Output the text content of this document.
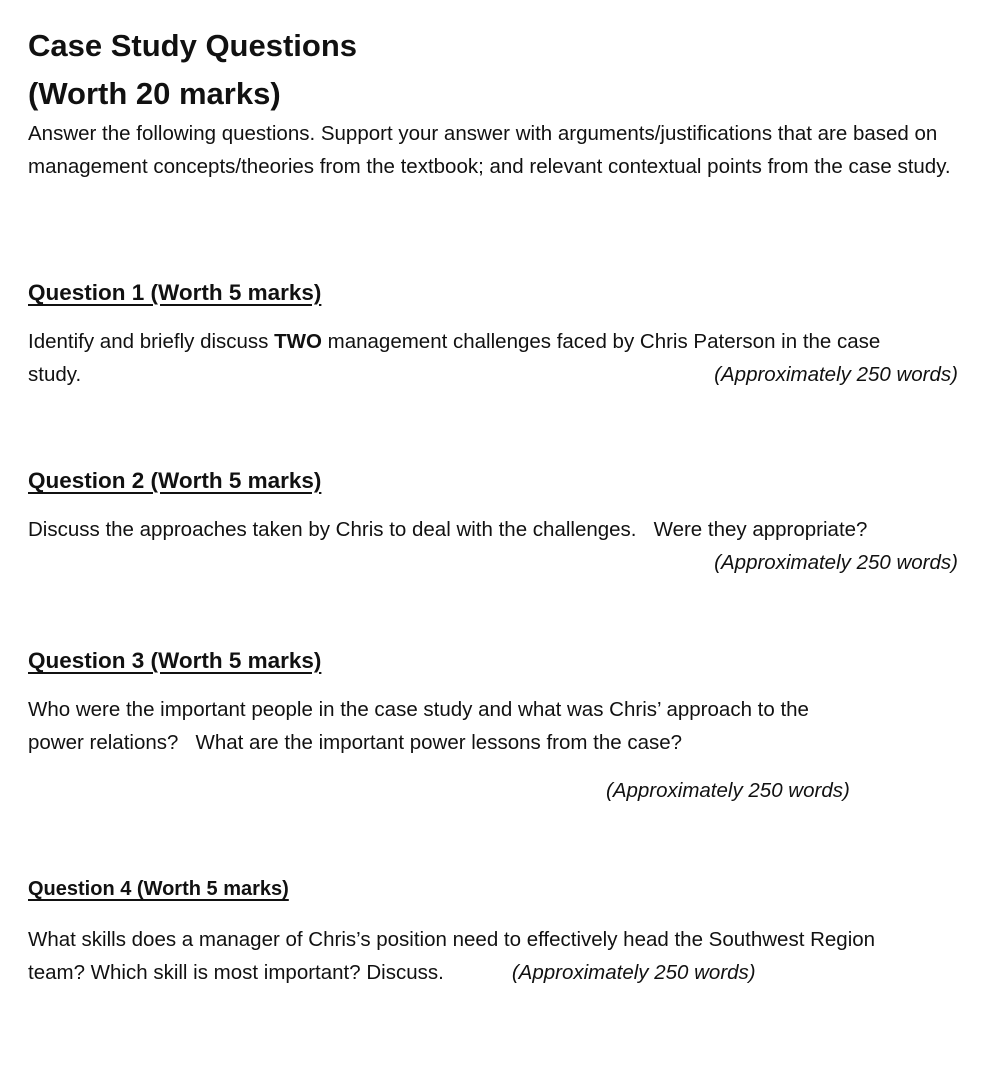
Case Study Questions
(Worth 20 marks)

Answer the following questions. Support your answer with arguments/justifications that are based on management concepts/theories from the textbook; and relevant contextual points from the case study.

Question 1 (Worth 5 marks)

Identify and briefly discuss TWO management challenges faced by Chris Paterson in the case

study.	(Approximately 250 words)

Question 2 (Worth 5 marks)

Discuss the approaches taken by Chris to deal with the challenges.   Were they appropriate?

(Approximately 250 words)

Question 3 (Worth 5 marks)

Who were the important people in the case study and what was Chris’ approach to the

power relations?   What are the important power lessons from the case?

(Approximately 250 words)

Question 4 (Worth 5 marks)

What skills does a manager of Chris’s position need to effectively head the Southwest Region

team? Which skill is most important? Discuss.	(Approximately 250 words)
